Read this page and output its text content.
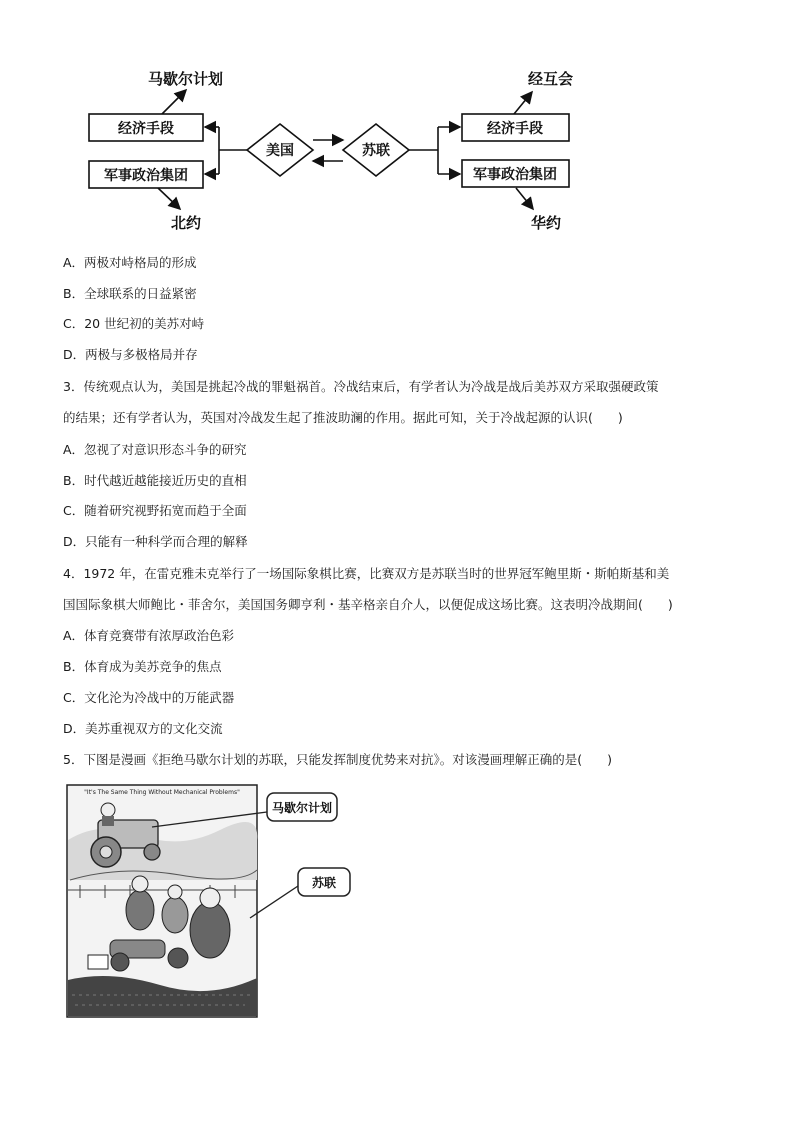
马歇尔计划	经互会
经济手段
军事政治集团
美国	苏联
经济手段
军事政治集团
北约	华约
A．两极对峙格局的形成
B．全球联系的日益紧密
C．20 世纪初的美苏对峙
D．两极与多极格局并存
3．传统观点认为，美国是挑起冷战的罪魁祸首。冷战结束后，有学者认为冷战是战后美苏双方采取强硬政策
的结果；还有学者认为，英国对冷战发生起了推波助澜的作用。据此可知，关于冷战起源的认识(　　)
A．忽视了对意识形态斗争的研究
B．时代越近越能接近历史的直相
C．随着研究视野拓宽而趋于全面
D．只能有一种科学而合理的解释
4．1972 年，在雷克雅未克举行了一场国际象棋比赛，比赛双方是苏联当时的世界冠军鲍里斯・斯帕斯基和美
国国际象棋大师鲍比・菲舍尔，美国国务卿亨利・基辛格亲自介人，以便促成这场比赛。这表明冷战期间(　　)
A．体育竞赛带有浓厚政治色彩
B．体育成为美苏竞争的焦点
C．文化沦为冷战中的万能武器
D．美苏重视双方的文化交流
5．下图是漫画《拒绝马歇尔计划的苏联，只能发挥制度优势来对抗》。对该漫画理解正确的是(　　)
"It's The Same Thing Without Mechanical Problems"
马歇尔计划
苏联
